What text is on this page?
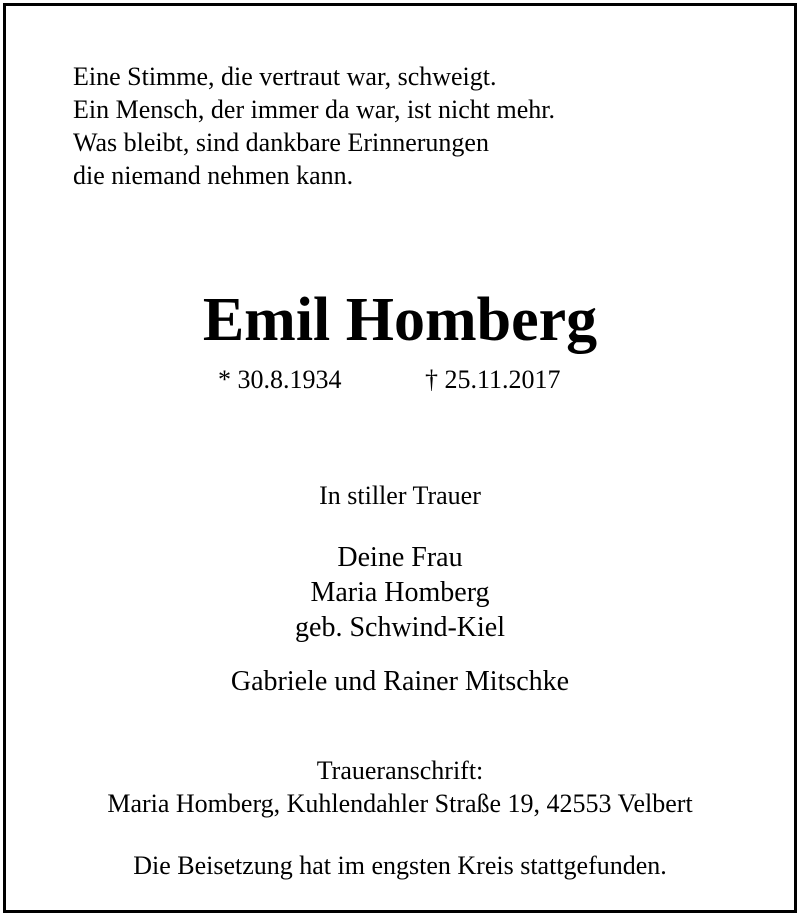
Eine Stimme, die vertraut war, schweigt.
Ein Mensch, der immer da war, ist nicht mehr.
Was bleibt, sind dankbare Erinnerungen
die niemand nehmen kann.
Emil Homberg
* 30.8.1934	† 25.11.2017
In stiller Trauer
Deine Frau
Maria Homberg
geb. Schwind-Kiel
Gabriele und Rainer Mitschke
Traueranschrift:
Maria Homberg, Kuhlendahler Straße 19, 42553 Velbert
Die Beisetzung hat im engsten Kreis stattgefunden.
